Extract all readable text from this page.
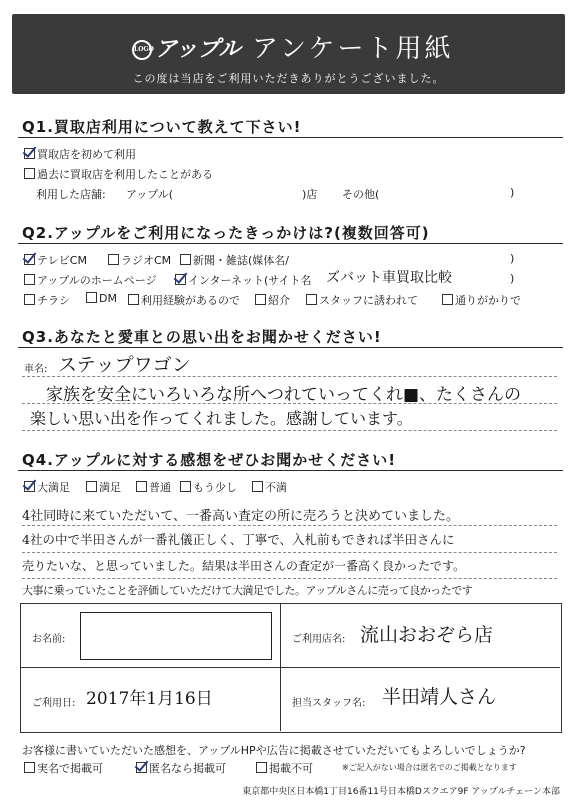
LOGOアップル アンケート用紙
この度は当店をご利用いただきありがとうございました。
Q1.買取店利用について教えて下さい!
買取店を初めて利用
過去に買取店を利用したことがある
利用した店舗: アップル(	)店 その他(	)
Q2.アップルをご利用になったきっかけは?(複数回答可)
テレビCM	ラジオCM	新聞・雑誌(媒体名/	)
アップルのホームページ	インターネット(サイト名 ズバット車買取比較	)
チラシ	DM	利用経験があるので	紹介	スタッフに誘われて	通りがかりで
Q3.あなたと愛車との思い出をお聞かせください!
車名: ステップワゴン
家族を安全にいろいろな所へつれていってくれ■、たくさんの
楽しい思い出を作ってくれました。感謝しています。
Q4.アップルに対する感想をぜひお聞かせください!
大満足	満足	普通	もう少し	不満
4社同時に来ていただいて、一番高い査定の所に売ろうと決めていました。
4社の中で半田さんが一番礼儀正しく、丁寧で、入札前もできれば半田さんに
売りたいな、と思っていました。結果は半田さんの査定が一番高く良かったです。
大事に乗っていたことを評価していただけて大満足でした。アップルさんに売って良かったです
お名前:	ご利用店名: 流山おおぞら店
ご利用日: 2017年1月16日	担当スタッフ名: 半田靖人さん
お客様に書いていただいた感想を、アップルHPや広告に掲載させていただいてもよろしいでしょうか?
実名で掲載可	匿名なら掲載可	掲載不可	※ご記入がない場合は匿名でのご掲載となります
東京都中央区日本橋1丁目16番11号日本橋Dスクエア9F アップルチェーン本部
